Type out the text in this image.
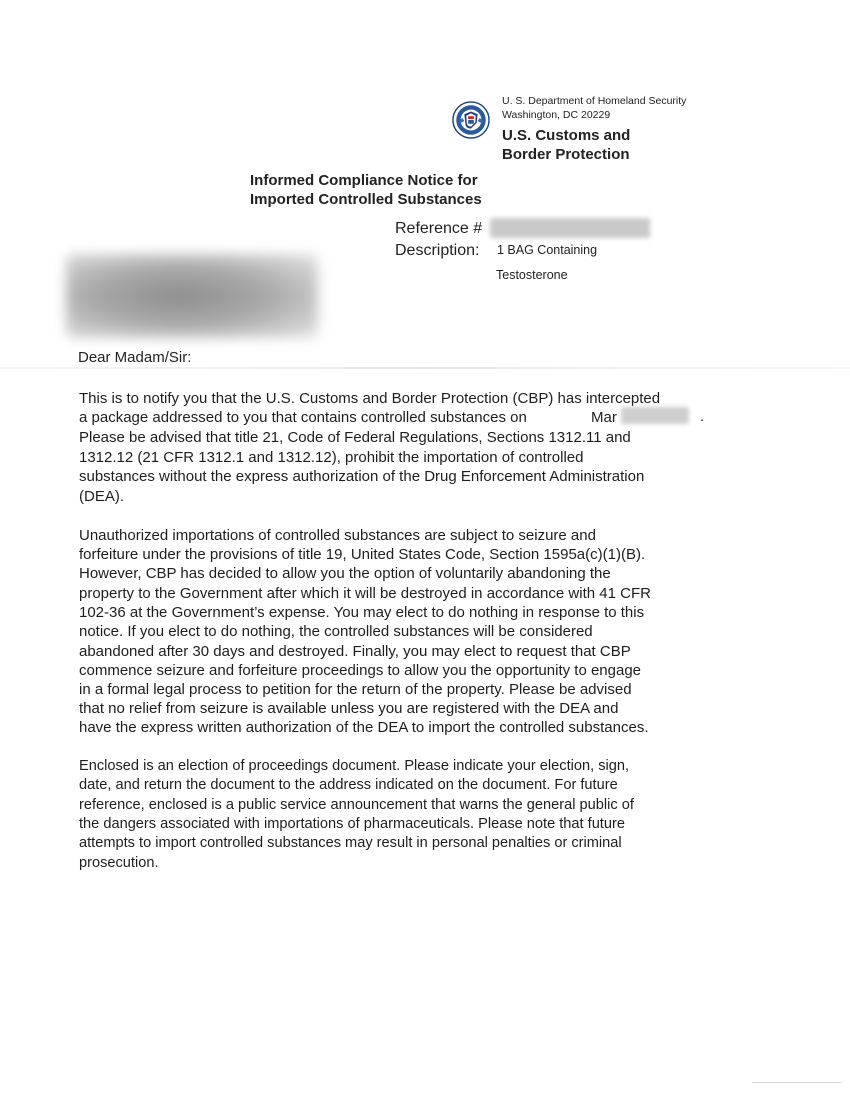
U. S. Department of Homeland Security
Washington, DC 20229
U.S. Customs and
Border Protection
Informed Compliance Notice for
Imported Controlled Substances
Reference #
Description: 1 BAG Containing
Testosterone
Dear Madam/Sir:
This is to notify you that the U.S. Customs and Border Protection (CBP) has intercepted
a package addressed to you that contains controlled substances on	Mar	.
Please be advised that title 21, Code of Federal Regulations, Sections 1312.11 and
1312.12 (21 CFR 1312.1 and 1312.12), prohibit the importation of controlled
substances without the express authorization of the Drug Enforcement Administration
(DEA).
Unauthorized importations of controlled substances are subject to seizure and
forfeiture under the provisions of title 19, United States Code, Section 1595a(c)(1)(B).
However, CBP has decided to allow you the option of voluntarily abandoning the
property to the Government after which it will be destroyed in accordance with 41 CFR
102-36 at the Government’s expense. You may elect to do nothing in response to this
notice. If you elect to do nothing, the controlled substances will be considered
abandoned after 30 days and destroyed. Finally, you may elect to request that CBP
commence seizure and forfeiture proceedings to allow you the opportunity to engage
in a formal legal process to petition for the return of the property. Please be advised
that no relief from seizure is available unless you are registered with the DEA and
have the express written authorization of the DEA to import the controlled substances.
Enclosed is an election of proceedings document. Please indicate your election, sign,
date, and return the document to the address indicated on the document. For future
reference, enclosed is a public service announcement that warns the general public of
the dangers associated with importations of pharmaceuticals. Please note that future
attempts to import controlled substances may result in personal penalties or criminal
prosecution.
